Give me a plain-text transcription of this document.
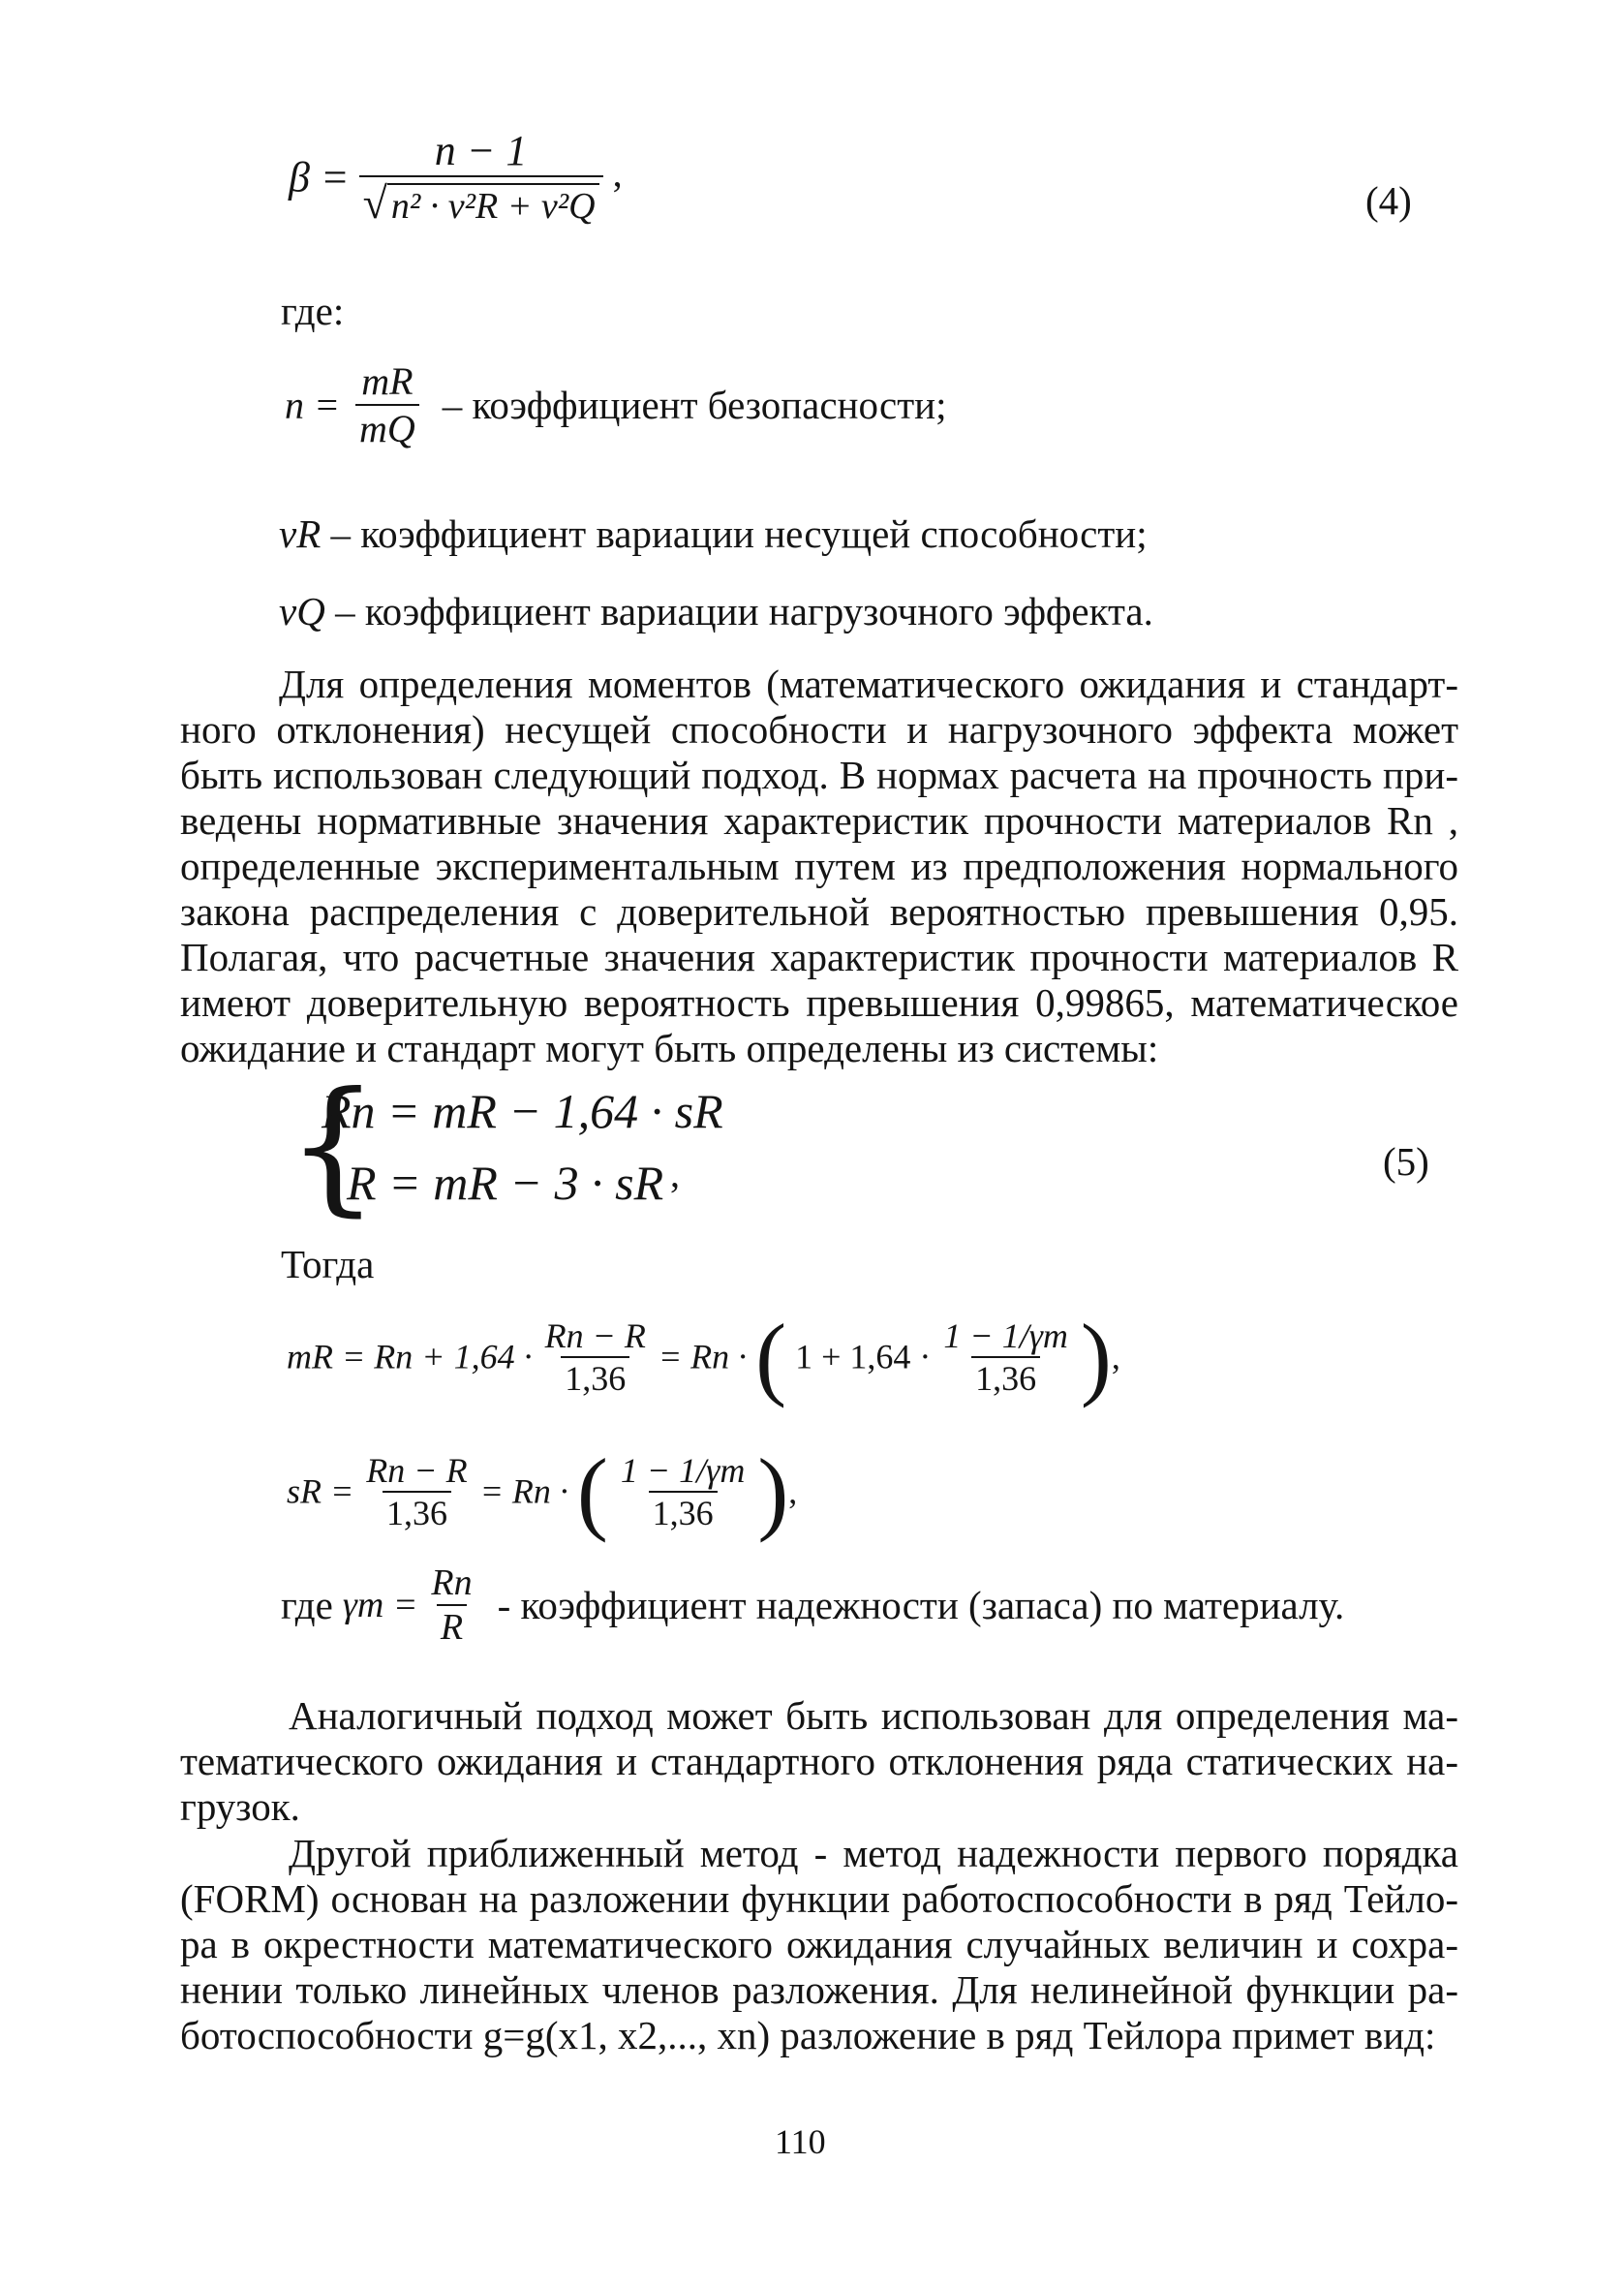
$\beta = \frac{n - 1}{\text{√ n² · v²R + v²Q}}$ ,
(4)
где:
$n = \frac{mR}{mQ}$ – коэффициент безопасности;
νR – коэффициент вариации несущей способности;
νQ – коэффициент вариации нагрузочного эффекта.
Для определения моментов (математического ожидания и стандарт-
ного отклонения) несущей способности и нагрузочного эффекта может
быть использован следующий подход. В нормах расчета на прочность при-
ведены нормативные значения характеристик прочности материалов Rn ,
определенные экспериментальным путем из предположения нормального
закона распределения с доверительной вероятностью превышения 0,95.
Полагая, что расчетные значения характеристик прочности материалов R
имеют доверительную вероятность превышения 0,99865, математическое
ожидание и стандарт могут быть определены из системы:
{
Rn = mR − 1,64 · sR
R = mR − 3 · sR ,	(5)
Тогда
mR = $Rn + 1,64 \cdot \frac{Rn - R}{1,36} = Rn$ · ( $1 + 1,64 \cdot \frac{1 - 1/\gamma m}{1,36}$ ),
sR = $\frac{Rn - R}{1,36} = Rn$ · ( $\frac{1 - 1/\gamma m}{1,36}$ ),
где $\gamma m = \frac{Rn}{R}$ - коэффициент надежности (запаса) по материалу.
Аналогичный подход может быть использован для определения ма-
тематического ожидания и стандартного отклонения ряда статических на-
грузок.
Другой приближенный метод - метод надежности первого порядка
(FORM) основан на разложении функции работоспособности в ряд Тейло-
ра в окрестности математического ожидания случайных величин и сохра-
нении только линейных членов разложения. Для нелинейной функции ра-
ботоспособности g=g(x1, x2,..., xn) разложение в ряд Тейлора примет вид:
110
